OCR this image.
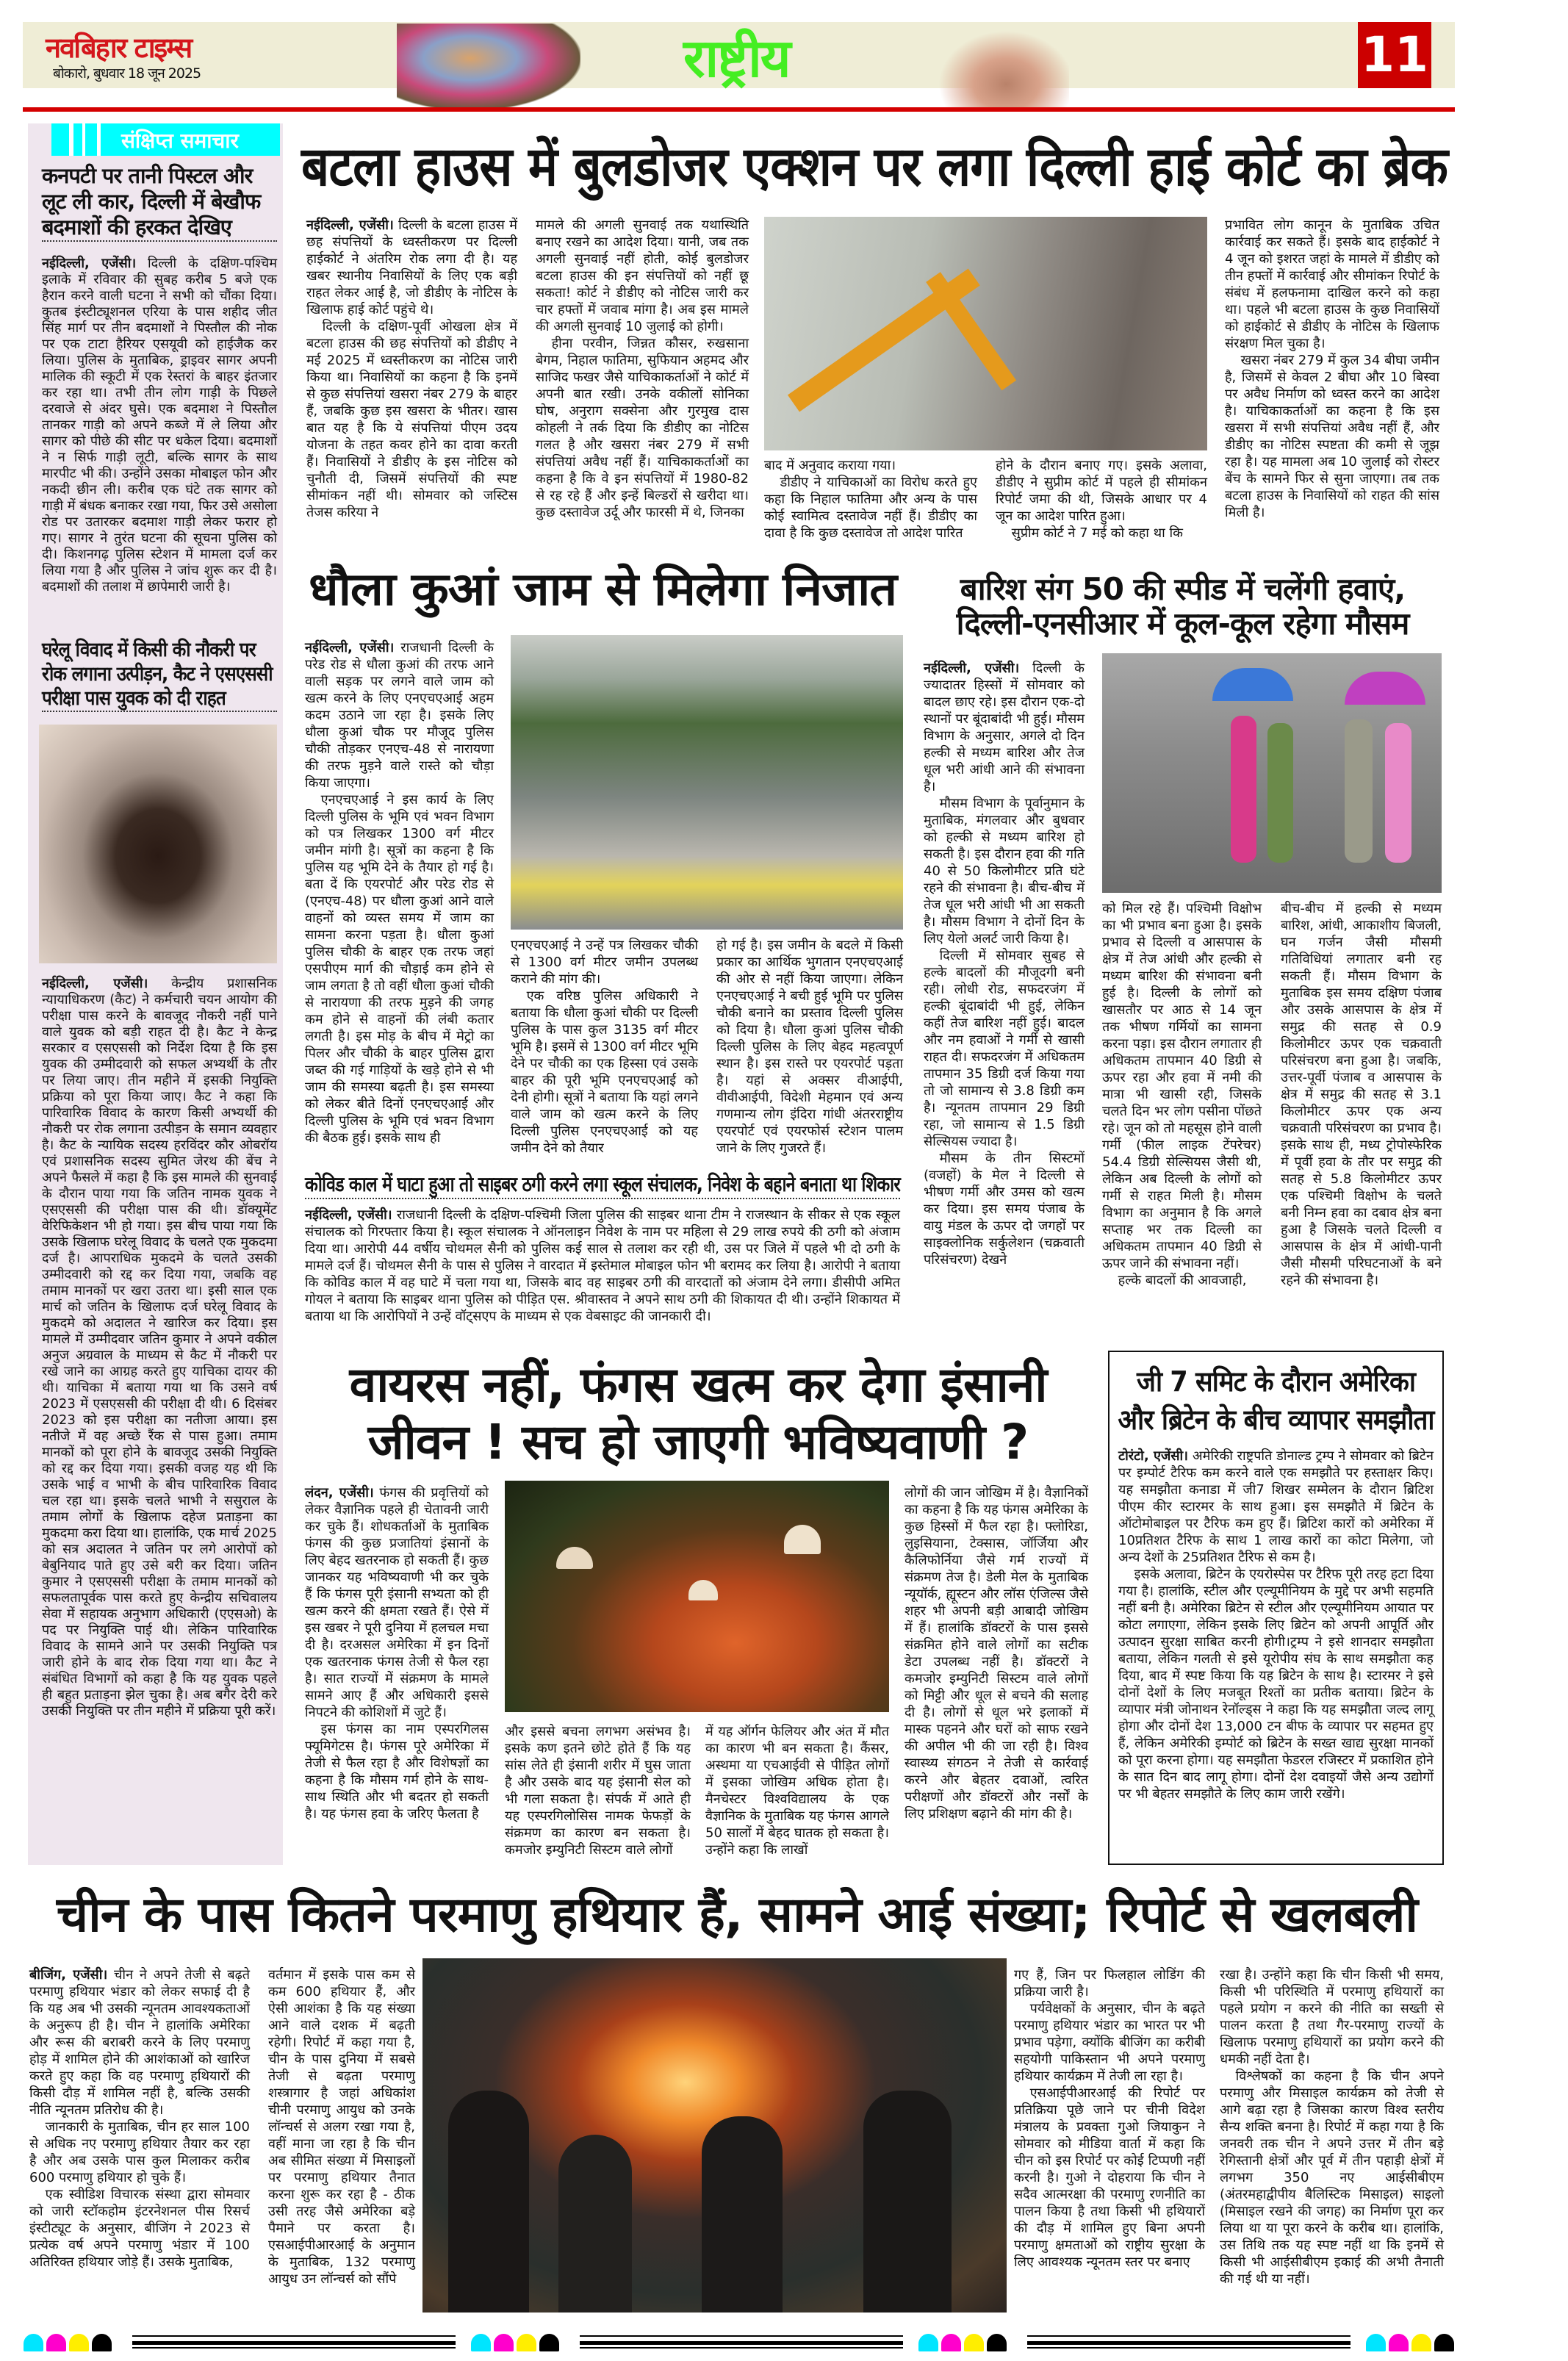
नवबिहार टाइम्स
बोकारो, बुधवार 18 जून 2025	राष्ट्रीय	11
संक्षिप्त समाचार
कनपटी पर तानी पिस्टल और लूट ली कार, दिल्ली में बेखौफ बदमाशों की हरकत देखिए

नईदिल्ली, एजेंसी। दिल्ली के दक्षिण-पश्चिम इलाके में रविवार की सुबह करीब 5 बजे एक हैरान करने वाली घटना ने सभी को चौंका दिया। कुतब इंस्टीट्यूशनल एरिया के पास शहीद जीत सिंह मार्ग पर तीन बदमाशों ने पिस्तौल की नोक पर एक टाटा हैरियर एसयूवी को हाईजैक कर लिया। पुलिस के मुताबिक, ड्राइवर सागर अपनी मालिक की स्कूटी में एक रेस्तरां के बाहर इंतजार कर रहा था। तभी तीन लोग गाड़ी के पिछले दरवाजे से अंदर घुसे। एक बदमाश ने पिस्तौल तानकर गाड़ी को अपने कब्जे में ले लिया और सागर को पीछे की सीट पर धकेल दिया। बदमाशों ने न सिर्फ गाड़ी लूटी, बल्कि सागर के साथ मारपीट भी की। उन्होंने उसका मोबाइल फोन और नकदी छीन ली। करीब एक घंटे तक सागर को गाड़ी में बंधक बनाकर रखा गया, फिर उसे असोला रोड पर उतारकर बदमाश गाड़ी लेकर फरार हो गए। सागर ने तुरंत घटना की सूचना पुलिस को दी। किशनगढ़ पुलिस स्टेशन में मामला दर्ज कर लिया गया है और पुलिस ने जांच शुरू कर दी है। बदमाशों की तलाश में छापेमारी जारी है।

घरेलू विवाद में किसी की नौकरी पर रोक लगाना उत्पीड़न, कैट ने एसएससी परीक्षा पास युवक को दी राहत

नईदिल्ली, एजेंसी। केन्द्रीय प्रशासनिक न्यायाधिकरण (कैट) ने कर्मचारी चयन आयोग की परीक्षा पास करने के बावजूद नौकरी नहीं पाने वाले युवक को बड़ी राहत दी है। कैट ने केन्द्र सरकार व एसएससी को निर्देश दिया है कि इस युवक की उम्मीदवारी को सफल अभ्यर्थी के तौर पर लिया जाए। तीन महीने में इसकी नियुक्ति प्रक्रिया को पूरा किया जाए। कैट ने कहा कि पारिवारिक विवाद के कारण किसी अभ्यर्थी की नौकरी पर रोक लगाना उत्पीड़न के समान व्यवहार है। कैट के न्यायिक सदस्य हरविंदर कौर ओबरॉय एवं प्रशासनिक सदस्य सुमित जेरथ की बेंच ने अपने फैसले में कहा है कि इस मामले की सुनवाई के दौरान पाया गया कि जतिन नामक युवक ने एसएससी की परीक्षा पास की थी। डॉक्यूमेंट वेरिफिकेशन भी हो गया। इस बीच पाया गया कि उसके खिलाफ घरेलू विवाद के चलते एक मुकदमा दर्ज है। आपराधिक मुकदमे के चलते उसकी उम्मीदवारी को रद्द कर दिया गया, जबकि वह तमाम मानकों पर खरा उतरा था। इसी साल एक मार्च को जतिन के खिलाफ दर्ज घरेलू विवाद के मुकदमे को अदालत ने खारिज कर दिया। इस मामले में उम्मीदवार जतिन कुमार ने अपने वकील अनुज अग्रवाल के माध्यम से कैट में नौकरी पर रखे जाने का आग्रह करते हुए याचिका दायर की थी। याचिका में बताया गया था कि उसने वर्ष 2023 में एसएससी की परीक्षा दी थी। 6 दिसंबर 2023 को इस परीक्षा का नतीजा आया। इस नतीजे में वह अच्छे रैंक से पास हुआ। तमाम मानकों को पूरा होने के बावजूद उसकी नियुक्ति को रद्द कर दिया गया। इसकी वजह यह थी कि उसके भाई व भाभी के बीच पारिवारिक विवाद चल रहा था। इसके चलते भाभी ने ससुराल के तमाम लोगों के खिलाफ दहेज प्रताड़ना का मुकदमा करा दिया था। हालांकि, एक मार्च 2025 को सत्र अदालत ने जतिन पर लगे आरोपों को बेबुनियाद पाते हुए उसे बरी कर दिया। जतिन कुमार ने एसएससी परीक्षा के तमाम मानकों को सफलतापूर्वक पास करते हुए केन्द्रीय सचिवालय सेवा में सहायक अनुभाग अधिकारी (एएसओ) के पद पर नियुक्ति पाई थी। लेकिन पारिवारिक विवाद के सामने आने पर उसकी नियुक्ति पत्र जारी होने के बाद रोक दिया गया था। कैट ने संबंधित विभागों को कहा है कि यह युवक पहले ही बहुत प्रताड़ना झेल चुका है। अब बगैर देरी करे उसकी नियुक्ति पर तीन महीने में प्रक्रिया पूरी करें।

बटला हाउस में बुलडोजर एक्शन पर लगा दिल्ली हाई कोर्ट का ब्रेक

नईदिल्ली, एजेंसी। दिल्ली के बटला हाउस में छह संपत्तियों के ध्वस्तीकरण पर दिल्ली हाईकोर्ट ने अंतरिम रोक लगा दी है। यह खबर स्थानीय निवासियों के लिए एक बड़ी राहत लेकर आई है, जो डीडीए के नोटिस के खिलाफ हाई कोर्ट पहुंचे थे।

दिल्ली के दक्षिण-पूर्वी ओखला क्षेत्र में बटला हाउस की छह संपत्तियों को डीडीए ने मई 2025 में ध्वस्तीकरण का नोटिस जारी किया था। निवासियों का कहना है कि इनमें से कुछ संपत्तियां खसरा नंबर 279 के बाहर हैं, जबकि कुछ इस खसरा के भीतर। खास बात यह है कि ये संपत्तियां पीएम उदय योजना के तहत कवर होने का दावा करती हैं। निवासियों ने डीडीए के इस नोटिस को चुनौती दी, जिसमें संपत्तियों की स्पष्ट सीमांकन नहीं थी। सोमवार को जस्टिस तेजस करिया ने

मामले की अगली सुनवाई तक यथास्थिति बनाए रखने का आदेश दिया। यानी, जब तक अगली सुनवाई नहीं होती, कोई बुलडोजर बटला हाउस की इन संपत्तियों को नहीं छू सकता! कोर्ट ने डीडीए को नोटिस जारी कर चार हफ्तों में जवाब मांगा है। अब इस मामले की अगली सुनवाई 10 जुलाई को होगी।

हीना परवीन, जिन्नत कौसर, रुखसाना बेगम, निहाल फातिमा, सुफियान अहमद और साजिद फखर जैसे याचिकाकर्ताओं ने कोर्ट में अपनी बात रखी। उनके वकीलों सोनिका घोष, अनुराग सक्सेना और गुरमुख दास कोहली ने तर्क दिया कि डीडीए का नोटिस गलत है और खसरा नंबर 279 में सभी संपत्तियां अवैध नहीं हैं। याचिकाकर्ताओं का कहना है कि वे इन संपत्तियों में 1980-82 से रह रहे हैं और इन्हें बिल्डरों से खरीदा था। कुछ दस्तावेज उर्दू और फारसी में थे, जिनका

बाद में अनुवाद कराया गया।

डीडीए ने याचिकाओं का विरोध करते हुए कहा कि निहाल फातिमा और अन्य के पास कोई स्वामित्व दस्तावेज नहीं हैं। डीडीए का दावा है कि कुछ दस्तावेज तो आदेश पारित

होने के दौरान बनाए गए। इसके अलावा, डीडीए ने सुप्रीम कोर्ट में पहले ही सीमांकन रिपोर्ट जमा की थी, जिसके आधार पर 4 जून का आदेश पारित हुआ।

सुप्रीम कोर्ट ने 7 मई को कहा था कि

प्रभावित लोग कानून के मुताबिक उचित कार्रवाई कर सकते हैं। इसके बाद हाईकोर्ट ने 4 जून को इशरत जहां के मामले में डीडीए को तीन हफ्तों में कार्रवाई और सीमांकन रिपोर्ट के संबंध में हलफनामा दाखिल करने को कहा था। पहले भी बटला हाउस के कुछ निवासियों को हाईकोर्ट से डीडीए के नोटिस के खिलाफ संरक्षण मिल चुका है।

खसरा नंबर 279 में कुल 34 बीघा जमीन है, जिसमें से केवल 2 बीघा और 10 बिस्वा पर अवैध निर्माण को ध्वस्त करने का आदेश है। याचिकाकर्ताओं का कहना है कि इस खसरा में सभी संपत्तियां अवैध नहीं हैं, और डीडीए का नोटिस स्पष्टता की कमी से जूझ रहा है। यह मामला अब 10 जुलाई को रोस्टर बेंच के सामने फिर से सुना जाएगा। तब तक बटला हाउस के निवासियों को राहत की सांस मिली है।

धौला कुआं जाम से मिलेगा निजात

नईदिल्ली, एजेंसी। राजधानी दिल्ली के परेड रोड से धौला कुआं की तरफ आने वाली सड़क पर लगने वाले जाम को खत्म करने के लिए एनएचएआई अहम कदम उठाने जा रहा है। इसके लिए धौला कुआं चौक पर मौजूद पुलिस चौकी तोड़कर एनएच-48 से नारायणा की तरफ मुड़ने वाले रास्ते को चौड़ा किया जाएगा।

एनएचएआई ने इस कार्य के लिए दिल्ली पुलिस के भूमि एवं भवन विभाग को पत्र लिखकर 1300 वर्ग मीटर जमीन मांगी है। सूत्रों का कहना है कि पुलिस यह भूमि देने के तैयार हो गई है। बता दें कि एयरपोर्ट और परेड रोड से (एनएच-48) पर धौला कुआं आने वाले वाहनों को व्यस्त समय में जाम का सामना करना पड़ता है। धौला कुआं पुलिस चौकी के बाहर एक तरफ जहां एसपीएम मार्ग की चौड़ाई कम होने से जाम लगता है तो वहीं धौला कुआं चौकी से नारायणा की तरफ मुड़ने की जगह कम होने से वाहनों की लंबी कतार लगती है। इस मोड़ के बीच में मेट्रो का पिलर और चौकी के बाहर पुलिस द्वारा जब्त की गई गाड़ियों के खड़े होने से भी जाम की समस्या बढ़ती है। इस समस्या को लेकर बीते दिनों एनएचएआई और दिल्ली पुलिस के भूमि एवं भवन विभाग की बैठक हुई। इसके साथ ही

एनएचएआई ने उन्हें पत्र लिखकर चौकी से 1300 वर्ग मीटर जमीन उपलब्ध कराने की मांग की।

एक वरिष्ठ पुलिस अधिकारी ने बताया कि धौला कुआं चौकी पर दिल्ली पुलिस के पास कुल 3135 वर्ग मीटर भूमि है। इसमें से 1300 वर्ग मीटर भूमि देने पर चौकी का एक हिस्सा एवं उसके बाहर की पूरी भूमि एनएचएआई को देनी होगी। सूत्रों ने बताया कि यहां लगने वाले जाम को खत्म करने के लिए दिल्ली पुलिस एनएचएआई को यह जमीन देने को तैयार

हो गई है। इस जमीन के बदले में किसी प्रकार का आर्थिक भुगतान एनएचएआई की ओर से नहीं किया जाएगा। लेकिन एनएचएआई ने बची हुई भूमि पर पुलिस चौकी बनाने का प्रस्ताव दिल्ली पुलिस को दिया है। धौला कुआं पुलिस चौकी दिल्ली पुलिस के लिए बेहद महत्वपूर्ण स्थान है। इस रास्ते पर एयरपोर्ट पड़ता है। यहां से अक्सर वीआईपी, वीवीआईपी, विदेशी मेहमान एवं अन्य गणमान्य लोग इंदिरा गांधी अंतरराष्ट्रीय एयरपोर्ट एवं एयरफोर्स स्टेशन पालम जाने के लिए गुजरते हैं।

बारिश संग 50 की स्पीड में चलेंगी हवाएं, दिल्ली-एनसीआर में कूल-कूल रहेगा मौसम

नईदिल्ली, एजेंसी। दिल्ली के ज्यादातर हिस्सों में सोमवार को बादल छाए रहे। इस दौरान एक-दो स्थानों पर बूंदाबांदी भी हुई। मौसम विभाग के अनुसार, अगले दो दिन हल्की से मध्यम बारिश और तेज धूल भरी आंधी आने की संभावना है।

मौसम विभाग के पूर्वानुमान के मुताबिक, मंगलवार और बुधवार को हल्की से मध्यम बारिश हो सकती है। इस दौरान हवा की गति 40 से 50 किलोमीटर प्रति घंटे रहने की संभावना है। बीच-बीच में तेज धूल भरी आंधी भी आ सकती है। मौसम विभाग ने दोनों दिन के लिए येलो अलर्ट जारी किया है।

दिल्ली में सोमवार सुबह से हल्के बादलों की मौजूदगी बनी रही। लोधी रोड, सफदरजंग में हल्की बूंदाबांदी भी हुई, लेकिन कहीं तेज बारिश नहीं हुई। बादल और नम हवाओं ने गर्मी से खासी राहत दी। सफदरजंग में अधिकतम तापमान 35 डिग्री दर्ज किया गया तो जो सामान्य से 3.8 डिग्री कम है। न्यूनतम तापमान 29 डिग्री रहा, जो सामान्य से 1.5 डिग्री सेल्सियस ज्यादा है।

मौसम के तीन सिस्टमों (वजहों) के मेल ने दिल्ली से भीषण गर्मी और उमस को खत्म कर दिया। इस समय पंजाब के वायु मंडल के ऊपर दो जगहों पर साइक्लोनिक सर्कुलेशन (चक्रवाती परिसंचरण) देखने

को मिल रहे हैं। पश्चिमी विक्षोभ का भी प्रभाव बना हुआ है। इसके प्रभाव से दिल्ली व आसपास के क्षेत्र में तेज आंधी और हल्की से मध्यम बारिश की संभावना बनी हुई है। दिल्ली के लोगों को खासतौर पर आठ से 14 जून तक भीषण गर्मियों का सामना करना पड़ा। इस दौरान लगातार ही अधिकतम तापमान 40 डिग्री से ऊपर रहा और हवा में नमी की मात्रा भी खासी रही, जिसके चलते दिन भर लोग पसीना पोंछते रहे। जून को तो महसूस होने वाली गर्मी (फील लाइक टेंपरेचर) 54.4 डिग्री सेल्सियस जैसी थी, लेकिन अब दिल्ली के लोगों को गर्मी से राहत मिली है। मौसम विभाग का अनुमान है कि अगले सप्ताह भर तक दिल्ली का अधिकतम तापमान 40 डिग्री से ऊपर जाने की संभावना नहीं।

हल्के बादलों की आवजाही,

बीच-बीच में हल्की से मध्यम बारिश, आंधी, आकाशीय बिजली, घन गर्जन जैसी मौसमी गतिविधियां लगातार बनी रह सकती हैं। मौसम विभाग के मुताबिक इस समय दक्षिण पंजाब और उसके आसपास के क्षेत्र में समुद्र की सतह से 0.9 किलोमीटर ऊपर एक चक्रवाती परिसंचरण बना हुआ है। जबकि, उत्तर-पूर्वी पंजाब व आसपास के क्षेत्र में समुद्र की सतह से 3.1 किलोमीटर ऊपर एक अन्य चक्रवाती परिसंचरण का प्रभाव है। इसके साथ ही, मध्य ट्रोपोस्फेरिक में पूर्वी हवा के तौर पर समुद्र की सतह से 5.8 किलोमीटर ऊपर एक पश्चिमी विक्षोभ के चलते बनी निम्न हवा का दबाव क्षेत्र बना हुआ है जिसके चलते दिल्ली व आसपास के क्षेत्र में आंधी-पानी जैसी मौसमी परिघटनाओं के बने रहने की संभावना है।

कोविड काल में घाटा हुआ तो साइबर ठगी करने लगा स्कूल संचालक, निवेश के बहाने बनाता था शिकार

नईदिल्ली, एजेंसी। राजधानी दिल्ली के दक्षिण-पश्चिमी जिला पुलिस की साइबर थाना टीम ने राजस्थान के सीकर से एक स्कूल संचालक को गिरफ्तार किया है। स्कूल संचालक ने ऑनलाइन निवेश के नाम पर महिला से 29 लाख रुपये की ठगी को अंजाम दिया था। आरोपी 44 वर्षीय चोथमल सैनी को पुलिस कई साल से तलाश कर रही थी, उस पर जिले में पहले भी दो ठगी के मामले दर्ज हैं। चोथमल सैनी के पास से पुलिस ने वारदात में इस्तेमाल मोबाइल फोन भी बरामद कर लिया है। आरोपी ने बताया कि कोविड काल में वह घाटे में चला गया था, जिसके बाद वह साइबर ठगी की वारदातों को अंजाम देने लगा। डीसीपी अमित गोयल ने बताया कि साइबर थाना पुलिस को पीड़ित एस. श्रीवास्तव ने अपने साथ ठगी की शिकायत दी थी। उन्होंने शिकायत में बताया था कि आरोपियों ने उन्हें वॉट्सएप के माध्यम से एक वेबसाइट की जानकारी दी।

वायरस नहीं, फंगस खत्म कर देगा इंसानी जीवन ! सच हो जाएगी भविष्यवाणी ?

लंदन, एजेंसी। फंगस की प्रवृत्तियों को लेकर वैज्ञानिक पहले ही चेतावनी जारी कर चुके हैं। शोधकर्ताओं के मुताबिक फंगस की कुछ प्रजातियां इंसानों के लिए बेहद खतरनाक हो सकती हैं। कुछ जानकर यह भविष्यवाणी भी कर चुके हैं कि फंगस पूरी इंसानी सभ्यता को ही खत्म करने की क्षमता रखते हैं। ऐसे में इस खबर ने पूरी दुनिया में हलचल मचा दी है। दरअसल अमेरिका में इन दिनों एक खतरनाक फंगस तेजी से फैल रहा है। सात राज्यों में संक्रमण के मामले सामने आए हैं और अधिकारी इससे निपटने की कोशिशों में जुटे हैं।

इस फंगस का नाम एस्परगिलस फ्यूमिगेटस है। फंगस पूरे अमेरिका में तेजी से फैल रहा है और विशेषज्ञों का कहना है कि मौसम गर्म होने के साथ-साथ स्थिति और भी बदतर हो सकती है। यह फंगस हवा के जरिए फैलता है

और इससे बचना लगभग असंभव है। इसके कण इतने छोटे होते हैं कि यह सांस लेते ही इंसानी शरीर में घुस जाता है और उसके बाद यह इंसानी सेल को भी गला सकता है। संपर्क में आते ही यह एस्परगिलोसिस नामक फेफड़ों के संक्रमण का कारण बन सकता है। कमजोर इम्युनिटी सिस्टम वाले लोगों

में यह ऑर्गन फेलियर और अंत में मौत का कारण भी बन सकता है। कैंसर, अस्थमा या एचआईवी से पीड़ित लोगों में इसका जोखिम अधिक होता है। मैनचेस्टर विश्वविद्यालय के एक वैज्ञानिक के मुताबिक यह फंगस आगले 50 सालों में बेहद घातक हो सकता है। उन्होंने कहा कि लाखों

लोगों की जान जोखिम में है। वैज्ञानिकों का कहना है कि यह फंगस अमेरिका के कुछ हिस्सों में फैल रहा है। फ्लोरिडा, लुइसियाना, टेक्सास, जॉर्जिया और कैलिफोर्निया जैसे गर्म राज्यों में संक्रमण तेज है। डेली मेल के मुताबिक न्यूयॉर्क, ह्यूस्टन और लॉस एंजिल्स जैसे शहर भी अपनी बड़ी आबादी जोखिम में हैं। हालांकि डॉक्टरों के पास इससे संक्रमित होने वाले लोगों का सटीक डेटा उपलब्ध नहीं है। डॉक्टरों ने कमजोर इम्युनिटी सिस्टम वाले लोगों को मिट्टी और धूल से बचने की सलाह दी है। लोगों से धूल भरे इलाकों में मास्क पहनने और घरों को साफ रखने की अपील भी की जा रही है। विश्व स्वास्थ्य संगठन ने तेजी से कार्रवाई करने और बेहतर दवाओं, त्वरित परीक्षणों और डॉक्टरों और नर्सों के लिए प्रशिक्षण बढ़ाने की मांग की है।

जी 7 समिट के दौरान अमेरिका और ब्रिटेन के बीच व्यापार समझौता

टोरंटो, एजेंसी। अमेरिकी राष्ट्रपति डोनाल्ड ट्रम्प ने सोमवार को ब्रिटेन पर इम्पोर्ट टैरिफ कम करने वाले एक समझौते पर हस्ताक्षर किए। यह समझौता कनाडा में जी7 शिखर सम्मेलन के दौरान ब्रिटिश पीएम कीर स्टारमर के साथ हुआ। इस समझौते में ब्रिटेन के ऑटोमोबाइल पर टैरिफ कम हुए हैं। ब्रिटिश कारों को अमेरिका में 10प्रतिशत टैरिफ के साथ 1 लाख कारों का कोटा मिलेगा, जो अन्य देशों के 25प्रतिशत टैरिफ से कम है।

इसके अलावा, ब्रिटेन के एयरोस्पेस पर टैरिफ पूरी तरह हटा दिया गया है। हालांकि, स्टील और एल्यूमीनियम के मुद्दे पर अभी सहमति नहीं बनी है। अमेरिका ब्रिटेन से स्टील और एल्यूमीनियम आयात पर कोटा लगाएगा, लेकिन इसके लिए ब्रिटेन को अपनी आपूर्ति और उत्पादन सुरक्षा साबित करनी होगी।ट्रम्प ने इसे शानदार समझौता बताया, लेकिन गलती से इसे यूरोपीय संघ के साथ समझौता कह दिया, बाद में स्पष्ट किया कि यह ब्रिटेन के साथ है। स्टारमर ने इसे दोनों देशों के लिए मजबूत रिश्तों का प्रतीक बताया। ब्रिटेन के व्यापार मंत्री जोनाथन रेनॉल्ड्स ने कहा कि यह समझौता जल्द लागू होगा और दोनों देश 13,000 टन बीफ के व्यापार पर सहमत हुए हैं, लेकिन अमेरिकी इम्पोर्ट को ब्रिटेन के सख्त खाद्य सुरक्षा मानकों को पूरा करना होगा। यह समझौता फेडरल रजिस्टर में प्रकाशित होने के सात दिन बाद लागू होगा। दोनों देश दवाइयों जैसे अन्य उद्योगों पर भी बेहतर समझौते के लिए काम जारी रखेंगे।

चीन के पास कितने परमाणु हथियार हैं, सामने आई संख्या; रिपोर्ट से खलबली

बीजिंग, एजेंसी। चीन ने अपने तेजी से बढ़ते परमाणु हथियार भंडार को लेकर सफाई दी है कि यह अब भी उसकी न्यूनतम आवश्यकताओं के अनुरूप ही है। चीन ने हालांकि अमेरिका और रूस की बराबरी करने के लिए परमाणु होड़ में शामिल होने की आशंकाओं को खारिज करते हुए कहा कि वह परमाणु हथियारों की किसी दौड़ में शामिल नहीं है, बल्कि उसकी नीति न्यूनतम प्रतिरोध की है।

जानकारी के मुताबिक, चीन हर साल 100 से अधिक नए परमाणु हथियार तैयार कर रहा है और अब उसके पास कुल मिलाकर करीब 600 परमाणु हथियार हो चुके हैं।

एक स्वीडिश विचारक संस्था द्वारा सोमवार को जारी स्टॉकहोम इंटरनेशनल पीस रिसर्च इंस्टीट्यूट के अनुसार, बीजिंग ने 2023 से प्रत्येक वर्ष अपने परमाणु भंडार में 100 अतिरिक्त हथियार जोड़े हैं। उसके मुताबिक,

वर्तमान में इसके पास कम से कम 600 हथियार हैं, और ऐसी आशंका है कि यह संख्या आने वाले दशक में बढ़ती रहेगी। रिपोर्ट में कहा गया है, चीन के पास दुनिया में सबसे तेजी से बढ़ता परमाणु शस्त्रागार है जहां अधिकांश चीनी परमाणु आयुध को उनके लॉन्चर्स से अलग रखा गया है, वहीं माना जा रहा है कि चीन अब सीमित संख्या में मिसाइलों पर परमाणु हथियार तैनात करना शुरू कर रहा है - ठीक उसी तरह जैसे अमेरिका बड़े पैमाने पर करता है। एसआईपीआरआई के अनुमान के मुताबिक, 132 परमाणु आयुध उन लॉन्चर्स को सौंपे

गए हैं, जिन पर फिलहाल लोडिंग की प्रक्रिया जारी है।

पर्यवेक्षकों के अनुसार, चीन के बढ़ते परमाणु हथियार भंडार का भारत पर भी प्रभाव पड़ेगा, क्योंकि बीजिंग का करीबी सहयोगी पाकिस्तान भी अपने परमाणु हथियार कार्यक्रम में तेजी ला रहा है।

एसआईपीआरआई की रिपोर्ट पर प्रतिक्रिया पूछे जाने पर चीनी विदेश मंत्रालय के प्रवक्ता गुओ जियाकुन ने सोमवार को मीडिया वार्ता में कहा कि चीन को इस रिपोर्ट पर कोई टिप्पणी नहीं करनी है। गुओ ने दोहराया कि चीन ने सदैव आत्मरक्षा की परमाणु रणनीति का पालन किया है तथा किसी भी हथियारों की दौड़ में शामिल हुए बिना अपनी परमाणु क्षमताओं को राष्ट्रीय सुरक्षा के लिए आवश्यक न्यूनतम स्तर पर बनाए

रखा है। उन्होंने कहा कि चीन किसी भी समय, किसी भी परिस्थिति में परमाणु हथियारों का पहले प्रयोग न करने की नीति का सख्ती से पालन करता है तथा गैर-परमाणु राज्यों के खिलाफ परमाणु हथियारों का प्रयोग करने की धमकी नहीं देता है।

विश्लेषकों का कहना है कि चीन अपने परमाणु और मिसाइल कार्यक्रम को तेजी से आगे बढ़ा रहा है जिसका कारण विश्व स्तरीय सैन्य शक्ति बनना है। रिपोर्ट में कहा गया है कि जनवरी तक चीन ने अपने उत्तर में तीन बड़े रेगिस्तानी क्षेत्रों और पूर्व में तीन पहाड़ी क्षेत्रों में लगभग 350 नए आईसीबीएम (अंतरमहाद्वीपीय बैलिस्टिक मिसाइल) साइलो (मिसाइल रखने की जगह) का निर्माण पूरा कर लिया था या पूरा करने के करीब था। हालांकि, उस तिथि तक यह स्पष्ट नहीं था कि इनमें से किसी भी आईसीबीएम इकाई की अभी तैनाती की गई थी या नहीं।
